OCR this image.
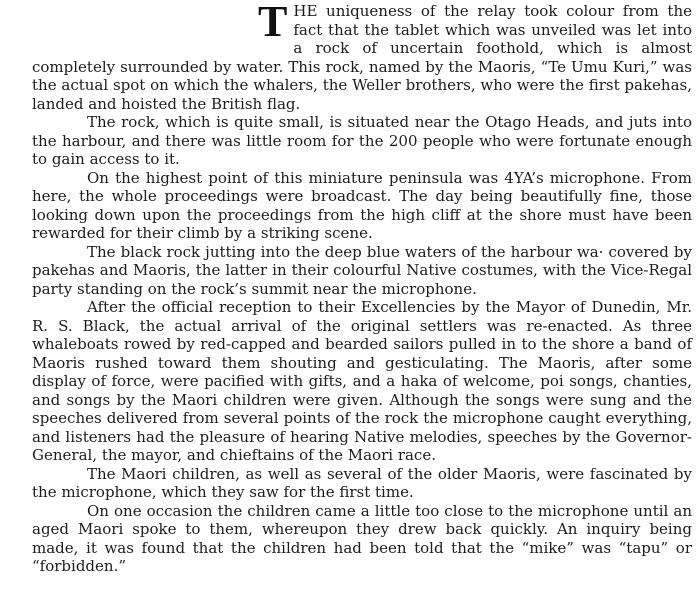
THE uniqueness of the relay took colour from the fact that the tablet which was unveiled was let into a rock of uncertain foothold, which is almost completely surrounded by water. This rock, named by the Maoris, “Te Umu Kuri,” was the actual spot on which the whalers, the Weller brothers, who were the first pakehas, landed and hoisted the British flag.

The rock, which is quite small, is situated near the Otago Heads, and juts into the harbour, and there was little room for the 200 people who were fortunate enough to gain access to it.

On the highest point of this miniature peninsula was 4YA’s microphone. From here, the whole proceedings were broadcast. The day being beautifully fine, those looking down upon the proceedings from the high cliff at the shore must have been rewarded for their climb by a striking scene.

The black rock jutting into the deep blue waters of the harbour wa· covered by pakehas and Maoris, the latter in their colourful Native costumes, with the Vice-Regal party standing on the rock’s summit near the microphone.

After the official reception to their Excellencies by the Mayor of Dunedin, Mr. R. S. Black, the actual arrival of the original settlers was re-enacted. As three whaleboats rowed by red-capped and bearded sailors pulled in to the shore a band of Maoris rushed toward them shouting and gesticulating. The Maoris, after some display of force, were pacified with gifts, and a haka of welcome, poi songs, chanties, and songs by the Maori children were given. Although the songs were sung and the speeches delivered from several points of the rock the microphone caught everything, and listeners had the pleasure of hearing Native melodies, speeches by the Governor-General, the mayor, and chieftains of the Maori race.

The Maori children, as well as several of the older Maoris, were fascinated by the microphone, which they saw for the first time.

On one occasion the children came a little too close to the microphone until an aged Maori spoke to them, whereupon they drew back quickly. An inquiry being made, it was found that the children had been told that the “mike” was “tapu” or “forbidden.”
